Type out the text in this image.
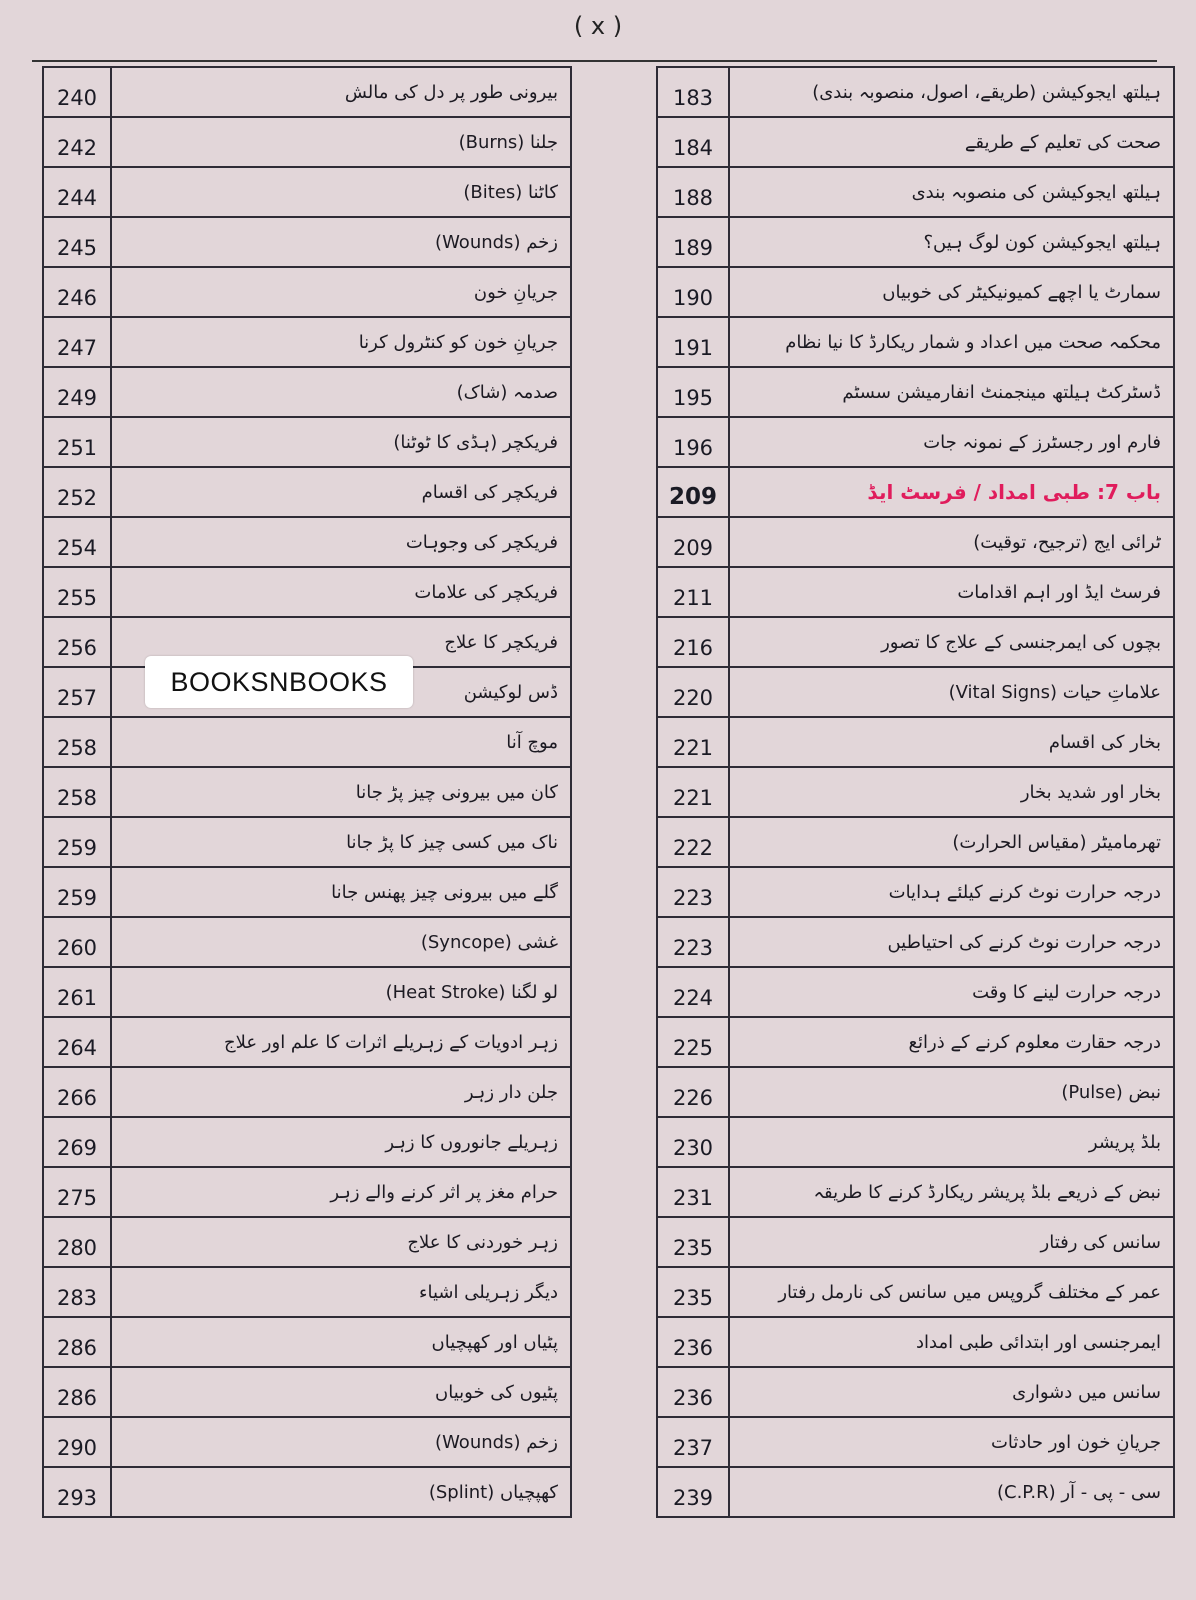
( x )
240	بیرونی طور پر دل کی مالش
242	جلنا (Burns)
244	کاٹنا (Bites)
245	زخم (Wounds)
246	جریانِ خون
247	جریانِ خون کو کنٹرول کرنا
249	صدمہ (شاک)
251	فریکچر (ہڈی کا ٹوٹنا)
252	فریکچر کی اقسام
254	فریکچر کی وجوہات
255	فریکچر کی علامات
256	فریکچر کا علاج
257	ڈس لوکیشن
258	موچ آنا
258	کان میں بیرونی چیز پڑ جانا
259	ناک میں کسی چیز کا پڑ جانا
259	گلے میں بیرونی چیز پھنس جانا
260	غشی (Syncope)
261	لو لگنا (Heat Stroke)
264	زہر ادویات کے زہریلے اثرات کا علم اور علاج
266	جلن دار زہر
269	زہریلے جانوروں کا زہر
275	حرام مغز پر اثر کرنے والے زہر
280	زہر خوردنی کا علاج
283	دیگر زہریلی اشیاء
286	پٹیاں اور کھپچیاں
286	پٹیوں کی خوبیاں
290	زخم (Wounds)
293	کھپچیاں (Splint)
183	ہیلتھ ایجوکیشن (طریقے، اصول، منصوبہ بندی)
184	صحت کی تعلیم کے طریقے
188	ہیلتھ ایجوکیشن کی منصوبہ بندی
189	ہیلتھ ایجوکیشن کون لوگ ہیں؟
190	سمارٹ یا اچھے کمیونیکیٹر کی خوبیاں
191	محکمہ صحت میں اعداد و شمار ریکارڈ کا نیا نظام
195	ڈسٹرکٹ ہیلتھ مینجمنٹ انفارمیشن سسٹم
196	فارم اور رجسٹرز کے نمونہ جات
209	باب 7: طبی امداد / فرسٹ ایڈ
209	ٹرائی ایج (ترجیح، توقیت)
211	فرسٹ ایڈ اور اہم اقدامات
216	بچوں کی ایمرجنسی کے علاج کا تصور
220	علاماتِ حیات (Vital Signs)
221	بخار کی اقسام
221	بخار اور شدید بخار
222	تھرمامیٹر (مقیاس الحرارت)
223	درجہ حرارت نوٹ کرنے کیلئے ہدایات
223	درجہ حرارت نوٹ کرنے کی احتیاطیں
224	درجہ حرارت لینے کا وقت
225	درجہ حقارت معلوم کرنے کے ذرائع
226	نبض (Pulse)
230	بلڈ پریشر
231	نبض کے ذریعے بلڈ پریشر ریکارڈ کرنے کا طریقہ
235	سانس کی رفتار
235	عمر کے مختلف گروپس میں سانس کی نارمل رفتار
236	ایمرجنسی اور ابتدائی طبی امداد
236	سانس میں دشواری
237	جریانِ خون اور حادثات
239	سی - پی - آر (C.P.R)
BOOKSNBOOKS
